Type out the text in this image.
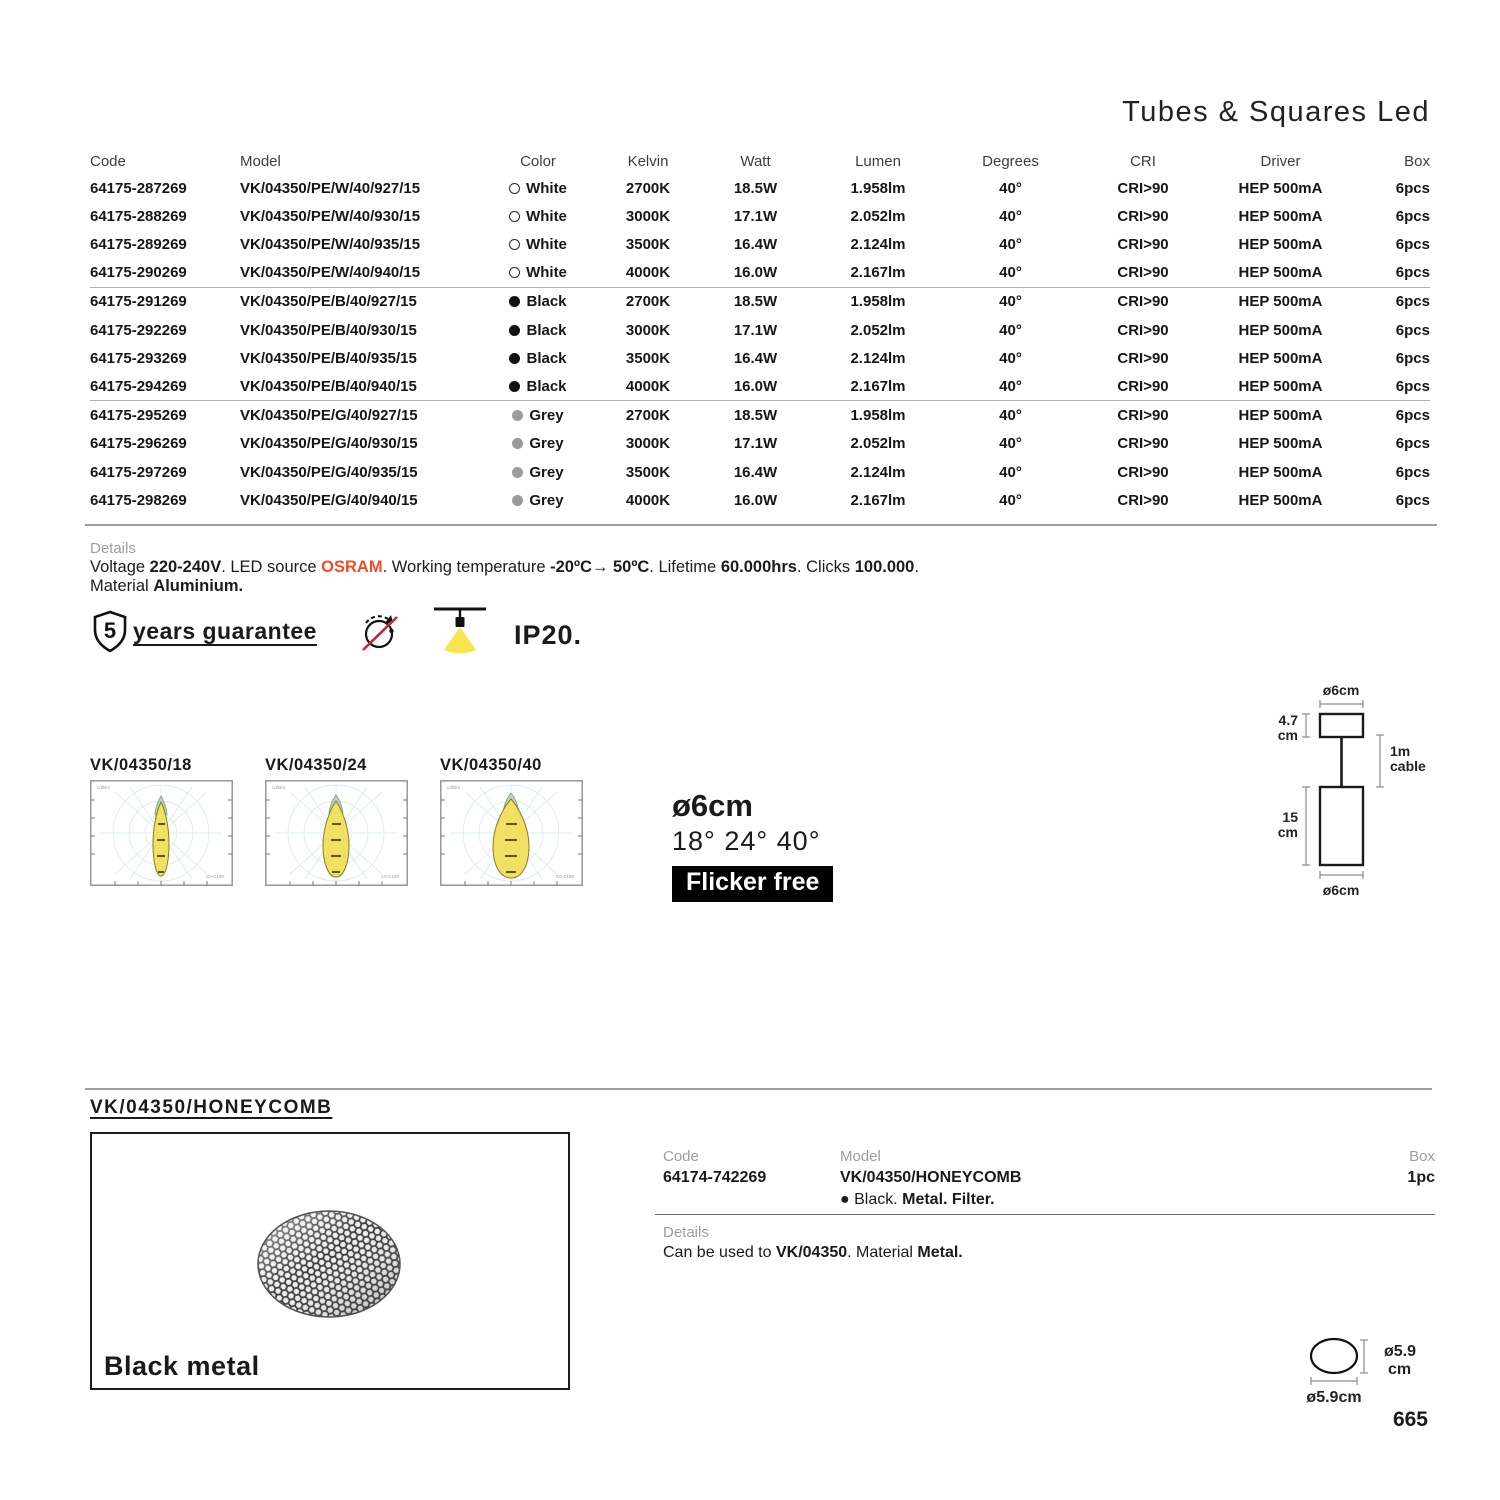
Tubes & Squares Led
Code	Model	Color	Kelvin	Watt	Lumen	Degrees	CRI	Driver	Box
64175-287269	VK/04350/PE/W/40/927/15	White	2700K	18.5W	1.958lm	40°	CRI>90	HEP 500mA	6pcs
64175-288269	VK/04350/PE/W/40/930/15	White	3000K	17.1W	2.052lm	40°	CRI>90	HEP 500mA	6pcs
64175-289269	VK/04350/PE/W/40/935/15	White	3500K	16.4W	2.124lm	40°	CRI>90	HEP 500mA	6pcs
64175-290269	VK/04350/PE/W/40/940/15	White	4000K	16.0W	2.167lm	40°	CRI>90	HEP 500mA	6pcs
64175-291269	VK/04350/PE/B/40/927/15	Black	2700K	18.5W	1.958lm	40°	CRI>90	HEP 500mA	6pcs
64175-292269	VK/04350/PE/B/40/930/15	Black	3000K	17.1W	2.052lm	40°	CRI>90	HEP 500mA	6pcs
64175-293269	VK/04350/PE/B/40/935/15	Black	3500K	16.4W	2.124lm	40°	CRI>90	HEP 500mA	6pcs
64175-294269	VK/04350/PE/B/40/940/15	Black	4000K	16.0W	2.167lm	40°	CRI>90	HEP 500mA	6pcs
64175-295269	VK/04350/PE/G/40/927/15	Grey	2700K	18.5W	1.958lm	40°	CRI>90	HEP 500mA	6pcs
64175-296269	VK/04350/PE/G/40/930/15	Grey	3000K	17.1W	2.052lm	40°	CRI>90	HEP 500mA	6pcs
64175-297269	VK/04350/PE/G/40/935/15	Grey	3500K	16.4W	2.124lm	40°	CRI>90	HEP 500mA	6pcs
64175-298269	VK/04350/PE/G/40/940/15	Grey	4000K	16.0W	2.167lm	40°	CRI>90	HEP 500mA	6pcs
Details
Voltage 220-240V. LED source OSRAM. Working temperature -20ºC→ 50ºC. Lifetime 60.000hrs. Clicks 100.000.
Material Aluminium.
5 years guarantee	IP20.
VK/04350/18
cd/klm
C0-C180
VK/04350/24
cd/klm
C0-C180
VK/04350/40
cd/klm
C0-C180
ø6cm
18° 24° 40°
Flicker free
ø6cm
4.7
cm
1m
cable
15
cm
ø6cm
VK/04350/HONEYCOMB
Black metal
Code
64174-742269
Model
VK/04350/HONEYCOMB
● Black. Metal. Filter.
Box
1pc
Details
Can be used to VK/04350. Material Metal.
ø5.9
cm
ø5.9cm
665
